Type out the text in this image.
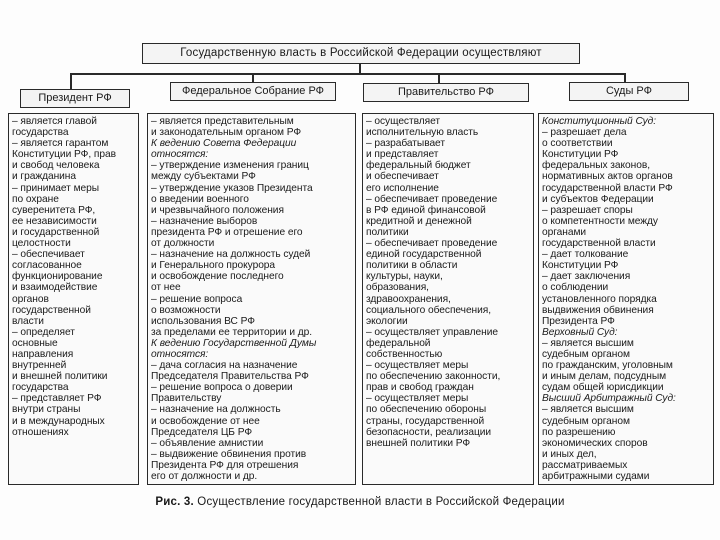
Государственную власть в Российской Федерации осуществляют
Президент РФ
Федеральное Собрание РФ	Правительство РФ	Суды РФ
– является главой
государства
– является гарантом
Конституции РФ, прав
и свобод человека
и гражданина
– принимает меры
по охране
суверенитета РФ,
ее независимости
и государственной
целостности
– обеспечивает
согласованное
функционирование
и взаимодействие
органов
государственной
власти
– определяет
основные
направления
внутренней
и внешней политики
государства
– представляет РФ
внутри страны
и в международных
отношениях
– является представительным
и законодательным органом РФ
К ведению Совета Федерации
относятся:
– утверждение изменения границ
между субъектами РФ
– утверждение указов Президента
о введении военного
и чрезвычайного положения
– назначение выборов
президента РФ и отрешение его
от должности
– назначение на должность судей
и Генерального прокурора
и освобождение последнего
от нее
– решение вопроса
о возможности
использования ВС РФ
за пределами ее территории и др.
К ведению Государственной Думы
относятся:
– дача согласия на назначение
Председателя Правительства РФ
– решение вопроса о доверии
Правительству
– назначение на должность
и освобождение от нее
Председателя ЦБ РФ
– объявление амнистии
– выдвижение обвинения против
Президента РФ для отрешения
его от должности и др.
– осуществляет
исполнительную власть
– разрабатывает
и представляет
федеральный бюджет
и обеспечивает
его исполнение
– обеспечивает проведение
в РФ единой финансовой
кредитной и денежной
политики
– обеспечивает проведение
единой государственной
политики в области
культуры, науки,
образования,
здравоохранения,
социального обеспечения,
экологии
– осуществляет управление
федеральной
собственностью
– осуществляет меры
по обеспечению законности,
прав и свобод граждан
– осуществляет меры
по обеспечению обороны
страны, государственной
безопасности, реализации
внешней политики РФ
Конституционный Суд:
– разрешает дела
о соответствии
Конституции РФ
федеральных законов,
нормативных актов органов
государственной власти РФ
и субъектов Федерации
– разрешает споры
о компетентности между
органами
государственной власти
– дает толкование
Конституции РФ
– дает заключения
о соблюдении
установленного порядка
выдвижения обвинения
Президента РФ
Верховный Суд:
– является высшим
судебным органом
по гражданским, уголовным
и иным делам, подсудным
судам общей юрисдикции
Высший Арбитражный Суд:
– является высшим
судебным органом
по разрешению
экономических споров
и иных дел,
рассматриваемых
арбитражными судами
Рис. 3. Осуществление государственной власти в Российской Федерации
